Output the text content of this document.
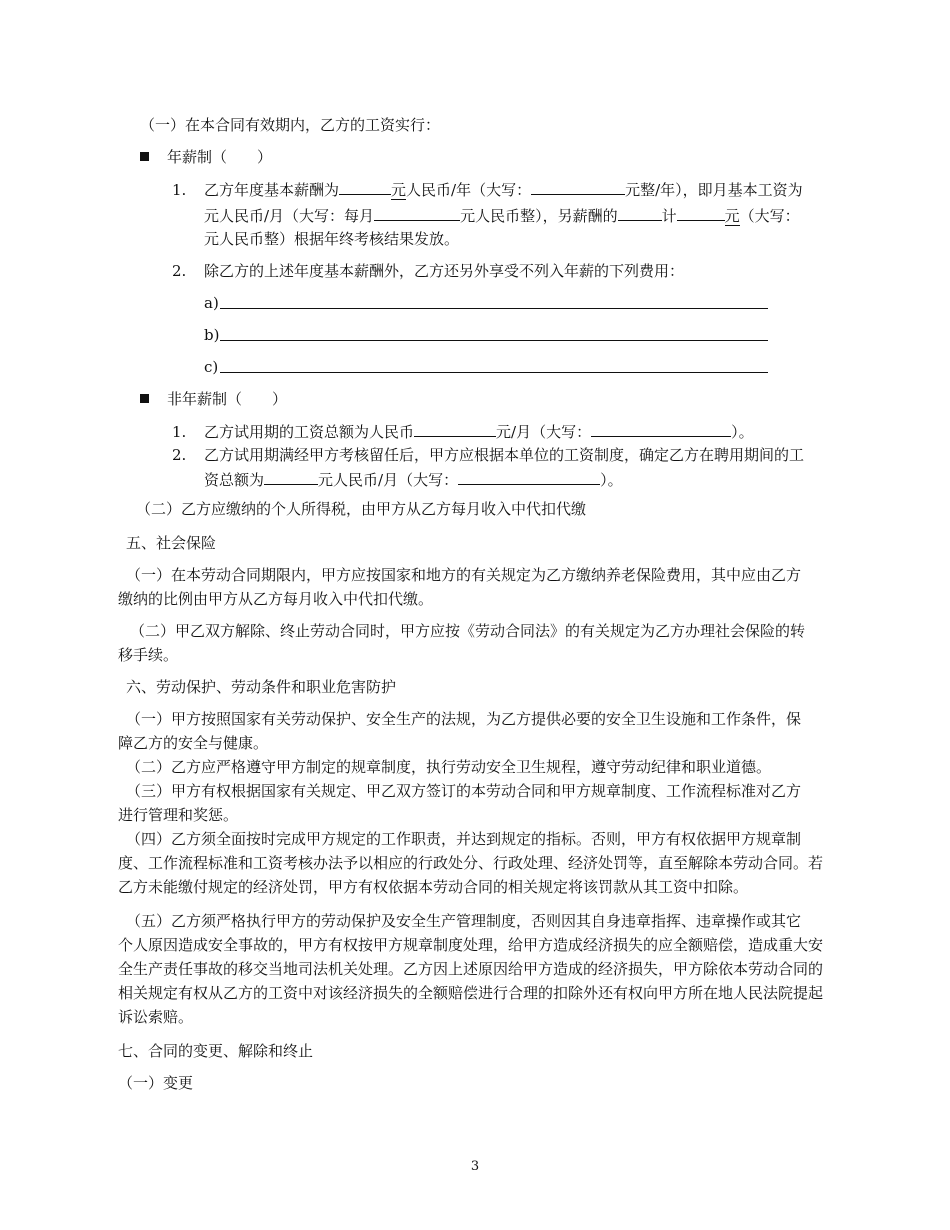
（一）在本合同有效期内，乙方的工资实行：
年薪制（　　）
1. 乙方年度基本薪酬为	元人民币/年（大写：	元整/年），即月基本工资为
元人民币/月（大写：每月	元人民币整），另薪酬的	计	元（大写：
元人民币整）根据年终考核结果发放。
2. 除乙方的上述年度基本薪酬外，乙方还另外享受不列入年薪的下列费用：
a)
b)
c)
非年薪制（　　）
1. 乙方试用期的工资总额为人民币	元/月（大写：	）。
2. 乙方试用期满经甲方考核留任后，甲方应根据本单位的工资制度，确定乙方在聘用期间的工
资总额为	元人民币/月（大写：	）。
（二）乙方应缴纳的个人所得税，由甲方从乙方每月收入中代扣代缴
五、社会保险
（一）在本劳动合同期限内，甲方应按国家和地方的有关规定为乙方缴纳养老保险费用，其中应由乙方
缴纳的比例由甲方从乙方每月收入中代扣代缴。
（二）甲乙双方解除、终止劳动合同时，甲方应按《劳动合同法》的有关规定为乙方办理社会保险的转
移手续。
六、劳动保护、劳动条件和职业危害防护
（一）甲方按照国家有关劳动保护、安全生产的法规，为乙方提供必要的安全卫生设施和工作条件，保
障乙方的安全与健康。
（二）乙方应严格遵守甲方制定的规章制度，执行劳动安全卫生规程，遵守劳动纪律和职业道德。
（三）甲方有权根据国家有关规定、甲乙双方签订的本劳动合同和甲方规章制度、工作流程标准对乙方
进行管理和奖惩。
（四）乙方须全面按时完成甲方规定的工作职责，并达到规定的指标。否则，甲方有权依据甲方规章制
度、工作流程标准和工资考核办法予以相应的行政处分、行政处理、经济处罚等，直至解除本劳动合同。若
乙方未能缴付规定的经济处罚，甲方有权依据本劳动合同的相关规定将该罚款从其工资中扣除。
（五）乙方须严格执行甲方的劳动保护及安全生产管理制度，否则因其自身违章指挥、违章操作或其它
个人原因造成安全事故的，甲方有权按甲方规章制度处理，给甲方造成经济损失的应全额赔偿，造成重大安
全生产责任事故的移交当地司法机关处理。乙方因上述原因给甲方造成的经济损失，甲方除依本劳动合同的
相关规定有权从乙方的工资中对该经济损失的全额赔偿进行合理的扣除外还有权向甲方所在地人民法院提起
诉讼索赔。
七、合同的变更、解除和终止
（一）变更
3
